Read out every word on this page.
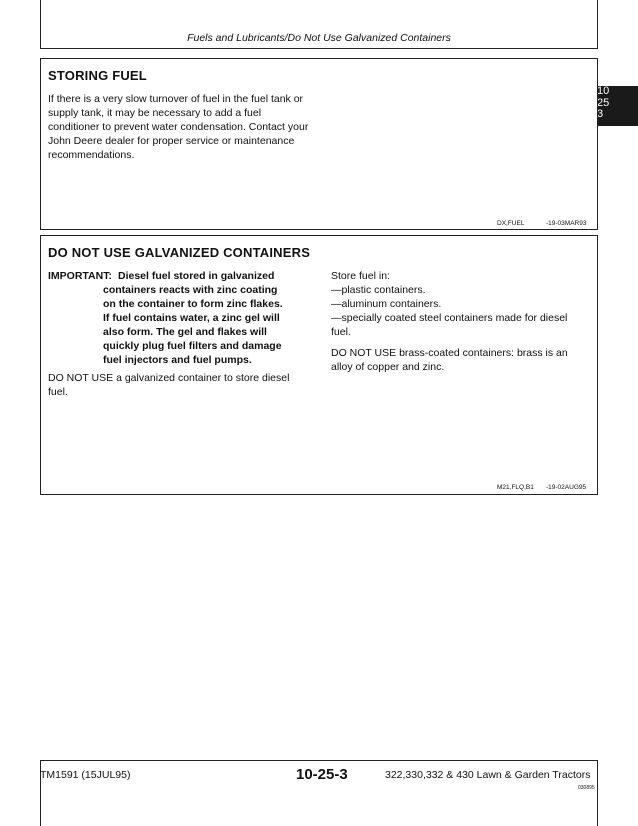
Fuels and Lubricants/Do Not Use Galvanized Containers
10
25
3
STORING FUEL
If there is a very slow turnover of fuel in the fuel tank or
supply tank, it may be necessary to add a fuel
conditioner to prevent water condensation. Contact your
John Deere dealer for proper service or maintenance
recommendations.
DX,FUEL	-19-03MAR93
DO NOT USE GALVANIZED CONTAINERS
IMPORTANT: Diesel fuel stored in galvanized
containers reacts with zinc coating
on the container to form zinc flakes.
If fuel contains water, a zinc gel will
also form. The gel and flakes will
quickly plug fuel filters and damage
fuel injectors and fuel pumps.
DO NOT USE a galvanized container to store diesel
fuel.
Store fuel in:
—plastic containers.
—aluminum containers.
—specially coated steel containers made for diesel
fuel.
DO NOT USE brass-coated containers: brass is an
alloy of copper and zinc.
M21,FLQ,B1 -19-02AUG95
TM1591 (15JUL95)	10-25-3	322,330,332 & 430 Lawn & Garden Tractors
030895
